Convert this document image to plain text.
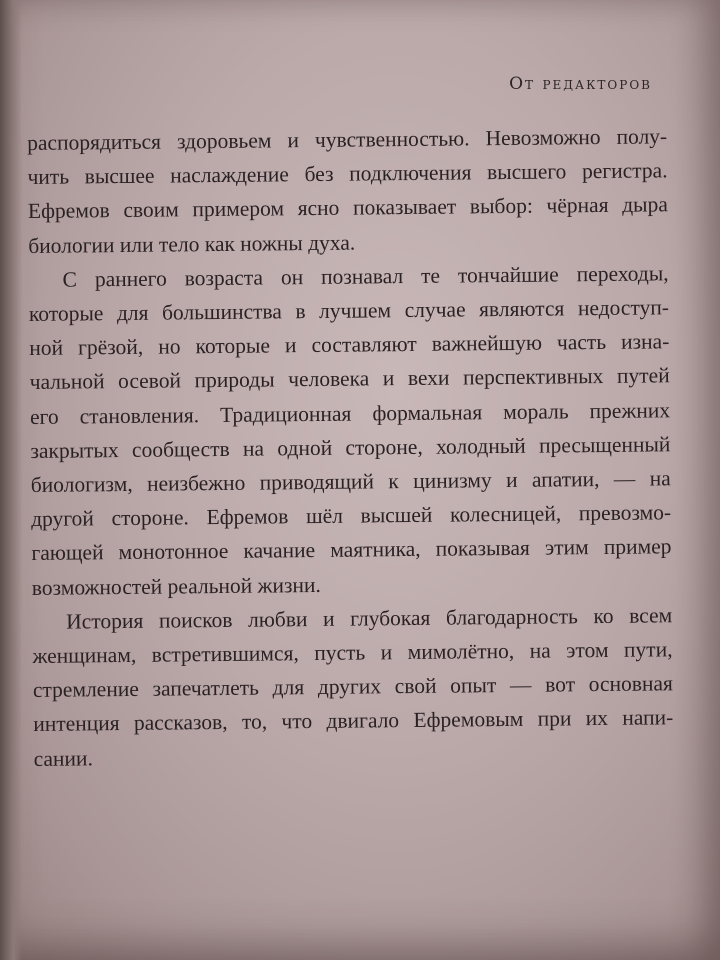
От редакторов

распорядиться здоровьем и чувственностью. Невозможно полу-
чить высшее наслаждение без подключения высшего регистра.
Ефремов своим примером ясно показывает выбор: чёрная дыра
биологии или тело как ножны духа.

С раннего возраста он познавал те тончайшие переходы,
которые для большинства в лучшем случае являются недоступ-
ной грёзой, но которые и составляют важнейшую часть изна-
чальной осевой природы человека и вехи перспективных путей
его становления. Традиционная формальная мораль прежних
закрытых сообществ на одной стороне, холодный пресыщенный
биологизм, неизбежно приводящий к цинизму и апатии, — на
другой стороне. Ефремов шёл высшей колесницей, превозмо-
гающей монотонное качание маятника, показывая этим пример
возможностей реальной жизни.

История поисков любви и глубокая благодарность ко всем
женщинам, встретившимся, пусть и мимолётно, на этом пути,
стремление запечатлеть для других свой опыт — вот основная
интенция рассказов, то, что двигало Ефремовым при их напи-
сании.
